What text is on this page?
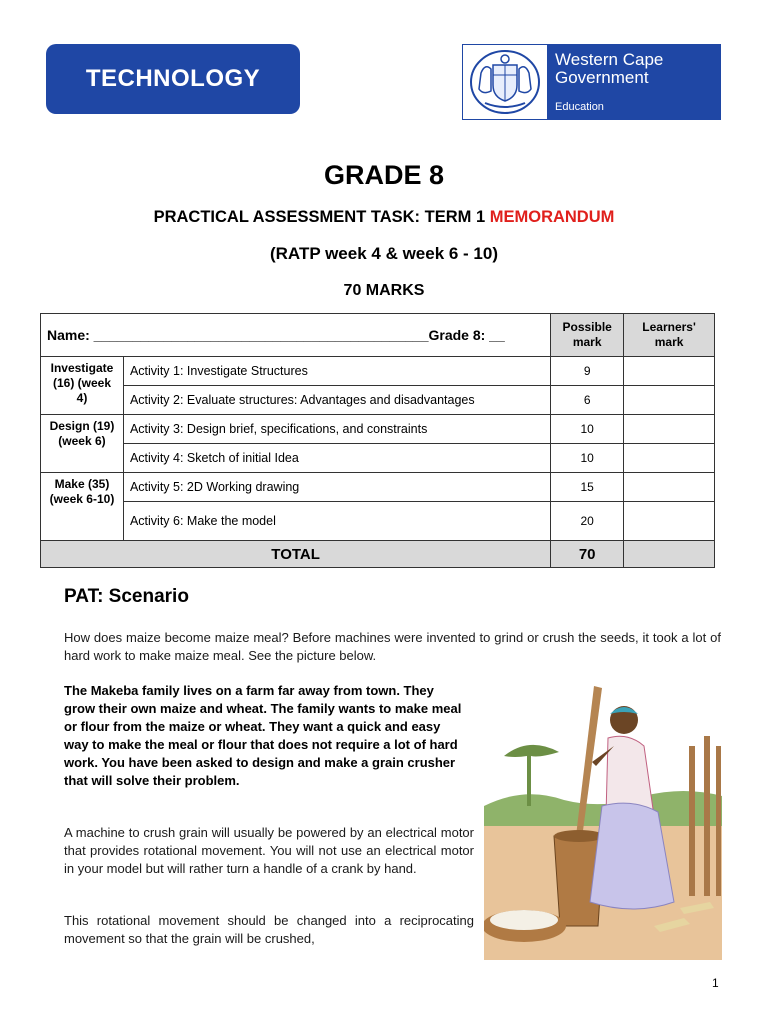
TECHNOLOGY
Western Cape
Government
Education
GRADE 8
PRACTICAL ASSESSMENT TASK: TERM 1 MEMORANDUM
(RATP week 4 & week 6 - 10)
70 MARKS
Name: ___________________________________________Grade 8: __		Possible mark	Learners' mark
Investigate (16) (week 4)	Activity 1: Investigate Structures	9	
	Activity 2: Evaluate structures: Advantages and disadvantages	6	
Design (19) (week 6)	Activity 3: Design brief, specifications, and constraints	10	
	Activity 4: Sketch of initial Idea	10	
Make (35) (week 6-10)	Activity 5: 2D Working drawing	15	
	Activity 6: Make the model	20	
TOTAL		70	
PAT: Scenario

How does maize become maize meal? Before machines were invented to grind or crush the seeds, it took a lot of hard work to make maize meal. See the picture below.

The Makeba family lives on a farm far away from town. They grow their own maize and wheat. The family wants to make meal or flour from the maize or wheat. They want a quick and easy way to make the meal or flour that does not require a lot of hard work. You have been asked to design and make a grain crusher that will solve their problem.

A machine to crush grain will usually be powered by an electrical motor that provides rotational movement. You will not use an electrical motor in your model but will rather turn a handle of a crank by hand.

This rotational movement should be changed into a reciprocating movement so that the grain will be crushed,

1
